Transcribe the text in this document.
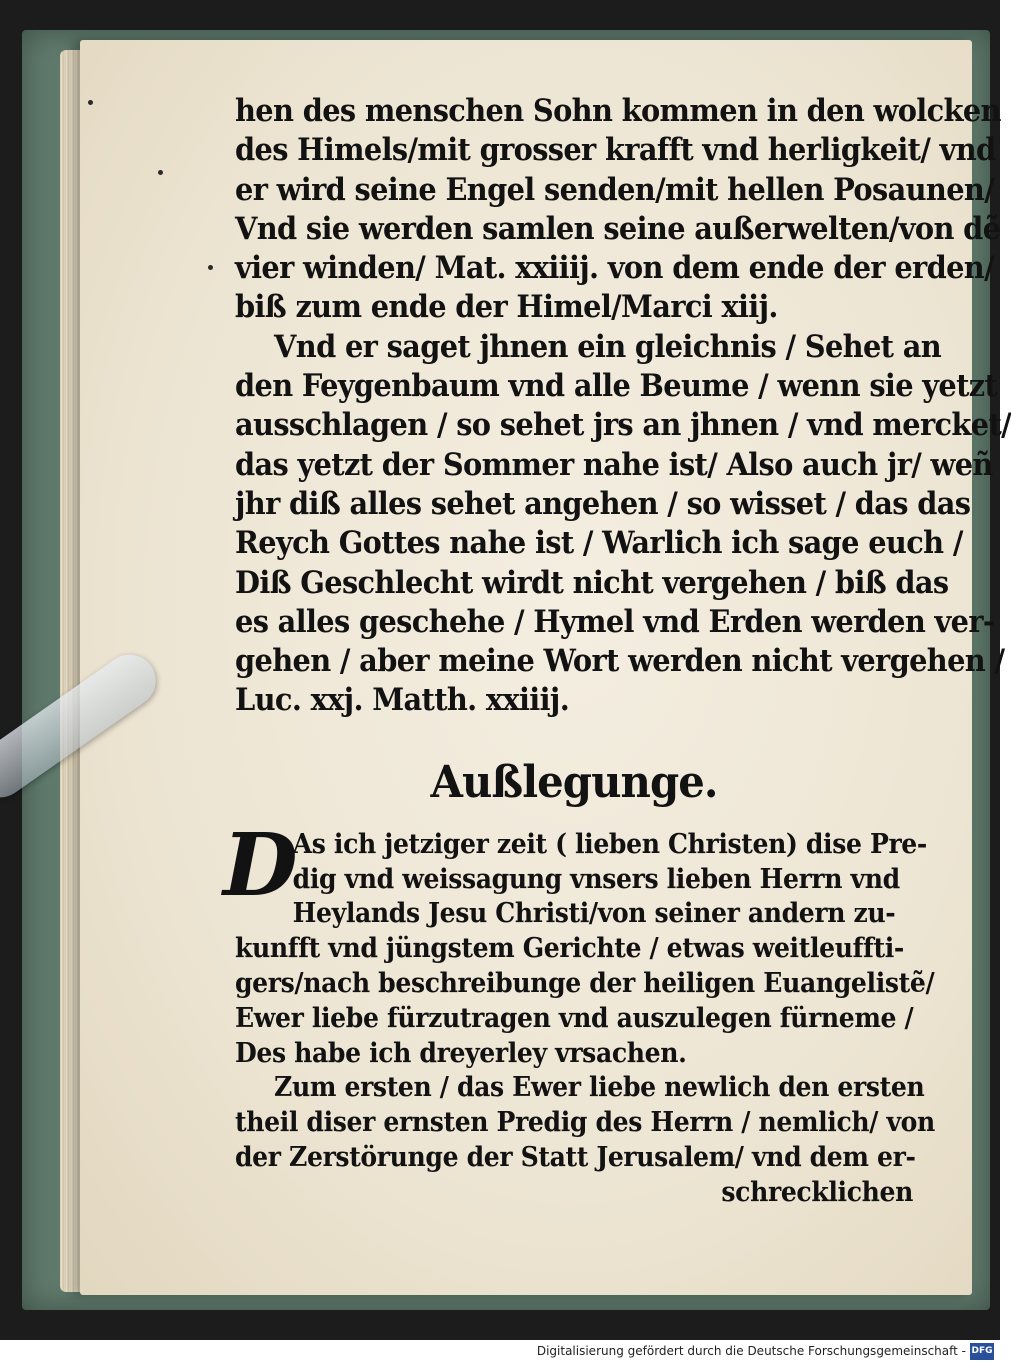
hen des menschen Sohn kommen in den wolcken
des Himels/mit grosser krafft vnd herligkeit/ vnd
er wird seine Engel senden/mit hellen Posaunen/
Vnd sie werden samlen seine außerwelten/von dẽ
vier winden/ Mat. xxiiij. von dem ende der erden/
biß zum ende der Himel/Marci xiij.
Vnd er saget jhnen ein gleichnis / Sehet an
den Feygenbaum vnd alle Beume / wenn sie yetzt
ausschlagen / so sehet jrs an jhnen / vnd mercket/
das yetzt der Sommer nahe ist/ Also auch jr/ weñ
jhr diß alles sehet angehen / so wisset / das das
Reych Gottes nahe ist / Warlich ich sage euch /
Diß Geschlecht wirdt nicht vergehen / biß das
es alles geschehe / Hymel vnd Erden werden ver-
gehen / aber meine Wort werden nicht vergehen /
Luc. xxj. Matth. xxiiij.
Außlegunge.
D
As ich jetziger zeit ( lieben Christen) dise Pre-
dig vnd weissagung vnsers lieben Herrn vnd
Heylands Jesu Christi/von seiner andern zu-
kunfft vnd jüngstem Gerichte / etwas weitleuffti-
gers/nach beschreibunge der heiligen Euangelistẽ/
Ewer liebe fürzutragen vnd auszulegen fürneme /
Des habe ich dreyerley vrsachen.
Zum ersten / das Ewer liebe newlich den ersten
theil diser ernsten Predig des Herrn / nemlich/ von
der Zerstörunge der Statt Jerusalem/ vnd dem er-
schrecklichen
Digitalisierung gefördert durch die Deutsche Forschungsgemeinschaft - DFG
